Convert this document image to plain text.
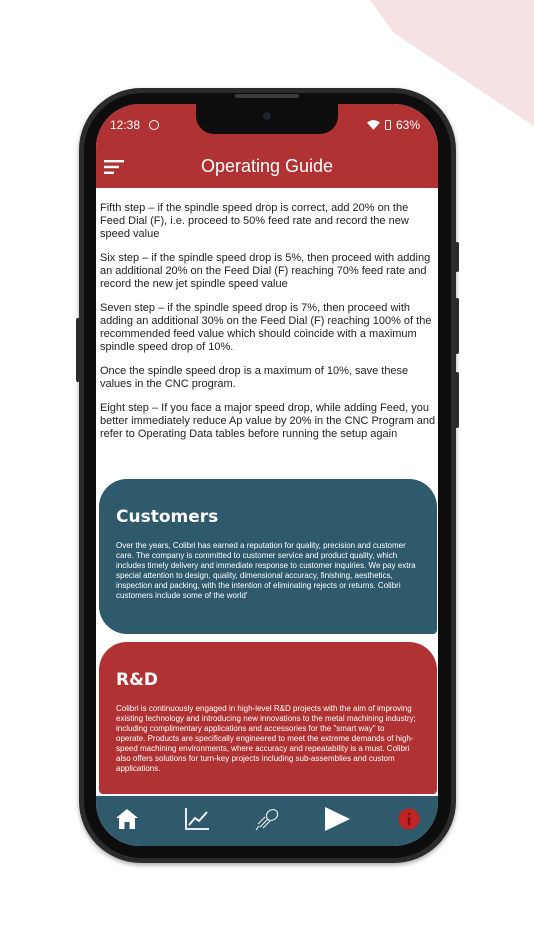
12:38	63%
Operating Guide

Fifth step – if the spindle speed drop is correct, add 20% on the Feed Dial (F), i.e. proceed to 50% feed rate and record the new speed value

Six step – if the spindle speed drop is 5%, then proceed with adding an additional 20% on the Feed Dial (F) reaching 70% feed rate and record the new jet spindle speed value

Seven step – if the spindle speed drop is 7%, then proceed with adding an additional 30% on the Feed Dial (F) reaching 100% of the recommended feed value which should coincide with a maximum spindle speed drop of 10%.

Once the spindle speed drop is a maximum of 10%, save these values in the CNC program.

Eight step – If you face a major speed drop, while adding Feed, you better immediately reduce Ap value by 20% in the CNC Program and refer to Operating Data tables before running the setup again

Customers

Over the years, Colibri has earned a reputation for quality, precision and customer care. The company is committed to customer service and product quality, which includes timely delivery and immediate response to customer inquiries. We pay extra special attention to design, quality, dimensional accuracy, finishing, aesthetics, inspection and packing, with the intention of eliminating rejects or returns. Colibri customers include some of the world'

R&D

Colibri is continuously engaged in high-level R&D projects with the aim of improving existing technology and introducing new innovations to the metal machining industry; including complimentary applications and accessories for the "smart way" to operate. Products are specifically engineered to meet the extreme demands of high-speed machining environments, where accuracy and repeatability is a must. Colibri also offers solutions for turn-key projects including sub-assemblies and custom applications.
